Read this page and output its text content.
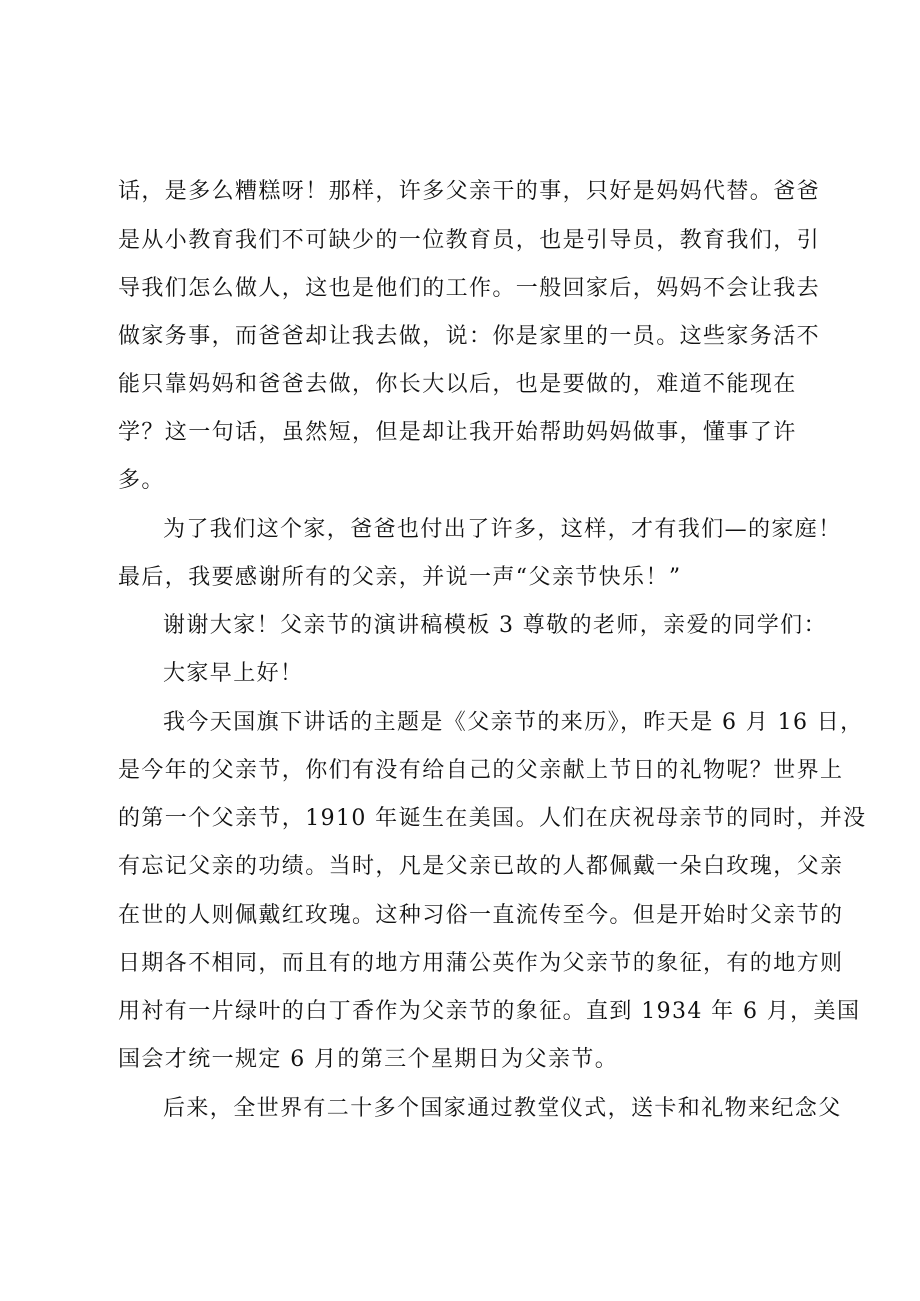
话，是多么糟糕呀！那样，许多父亲干的事，只好是妈妈代替。爸爸
是从小教育我们不可缺少的一位教育员，也是引导员，教育我们，引
导我们怎么做人，这也是他们的工作。一般回家后，妈妈不会让我去
做家务事，而爸爸却让我去做，说：你是家里的一员。这些家务活不
能只靠妈妈和爸爸去做，你长大以后，也是要做的，难道不能现在
学？这一句话，虽然短，但是却让我开始帮助妈妈做事，懂事了许
多。
为了我们这个家，爸爸也付出了许多，这样，才有我们—的家庭！
最后，我要感谢所有的父亲，并说一声“父亲节快乐！”
谢谢大家！父亲节的演讲稿模板 3 尊敬的老师，亲爱的同学们：
大家早上好！
我今天国旗下讲话的主题是《父亲节的来历》，昨天是 6 月 16 日，
是今年的父亲节，你们有没有给自己的父亲献上节日的礼物呢？世界上
的第一个父亲节，1910 年诞生在美国。人们在庆祝母亲节的同时，并没
有忘记父亲的功绩。当时，凡是父亲已故的人都佩戴一朵白玫瑰，父亲
在世的人则佩戴红玫瑰。这种习俗一直流传至今。但是开始时父亲节的
日期各不相同，而且有的地方用蒲公英作为父亲节的象征，有的地方则
用衬有一片绿叶的白丁香作为父亲节的象征。直到 1934 年 6 月，美国
国会才统一规定 6 月的第三个星期日为父亲节。
后来，全世界有二十多个国家通过教堂仪式，送卡和礼物来纪念父
